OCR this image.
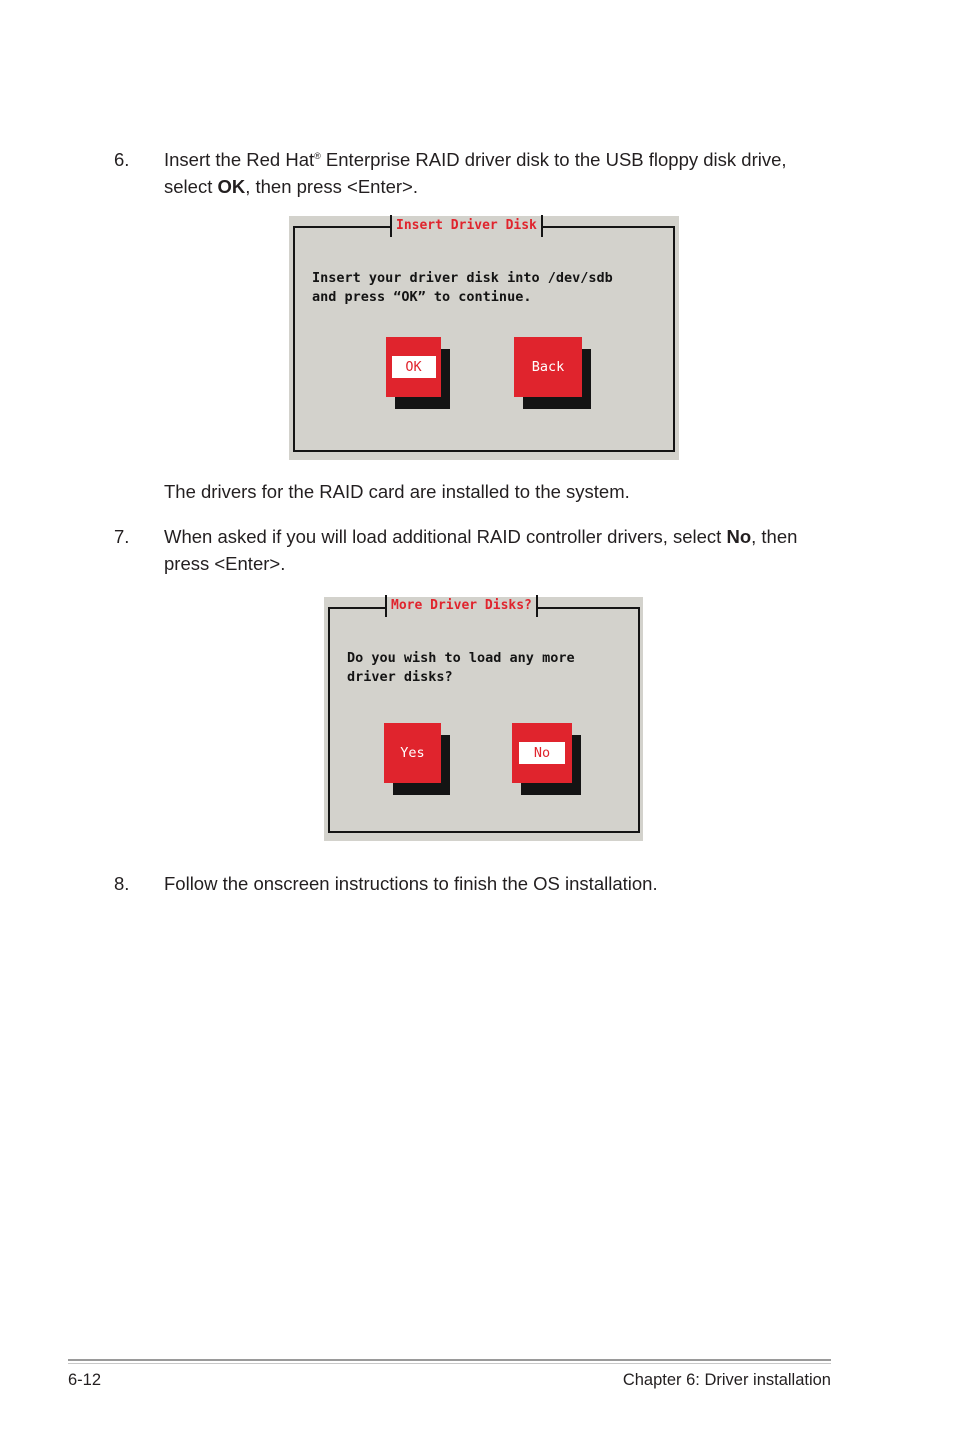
6. Insert the Red Hat® Enterprise RAID driver disk to the USB floppy disk drive,
select OK, then press <Enter>.
Insert Driver Disk
Insert your driver disk into /dev/sdb
and press “OK” to continue.
OK	Back
The drivers for the RAID card are installed to the system.
7. When asked if you will load additional RAID controller drivers, select No, then
press <Enter>.
More Driver Disks?
Do you wish to load any more
driver disks?
Yes	No
8. Follow the onscreen instructions to finish the OS installation.
6-12	Chapter 6: Driver installation
